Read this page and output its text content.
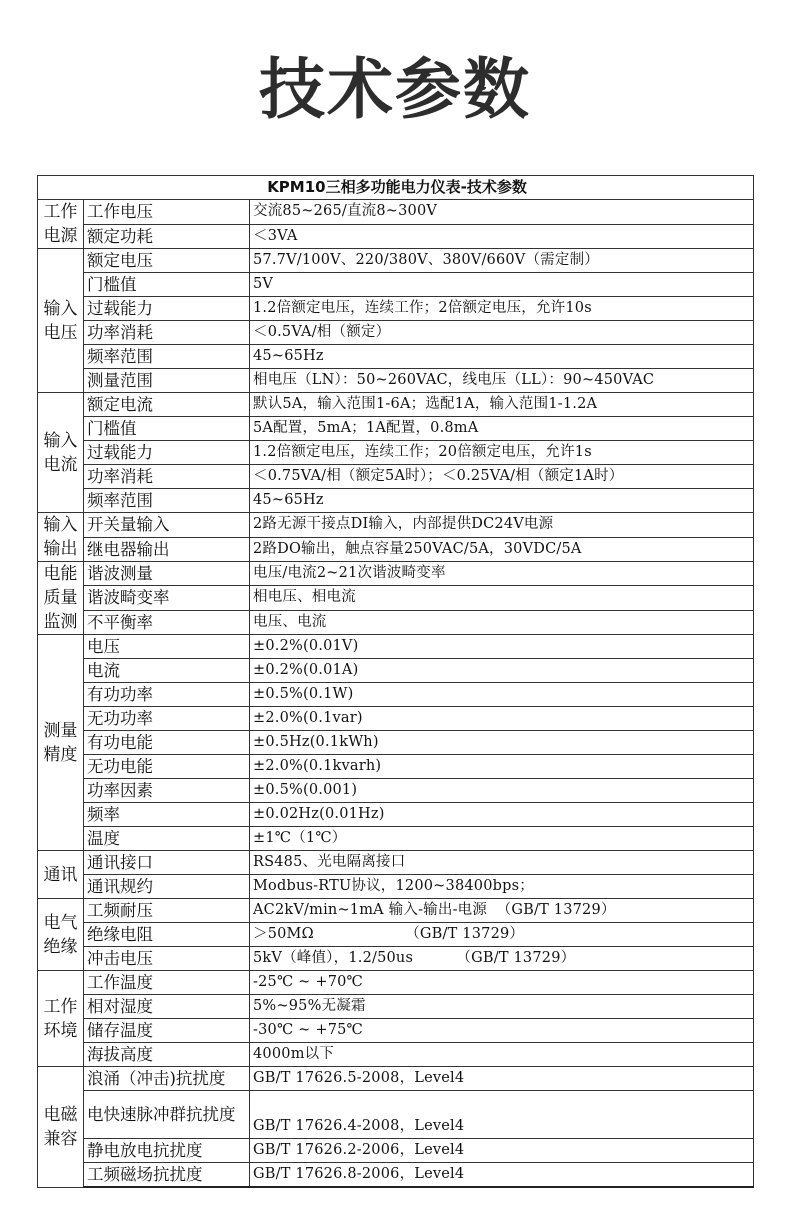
技术参数
KPM10三相多功能电力仪表-技术参数		
工作电源	工作电压	交流85~265/直流8~300V
	额定功耗	＜3VA
输入电压	额定电压	57.7V/100V、220/380V、380V/660V（需定制）
	门槛值	5V
	过载能力	1.2倍额定电压，连续工作；2倍额定电压，允许10s
	功率消耗	＜0.5VA/相（额定）
	频率范围	45~65Hz
	测量范围	相电压（LN）：50~260VAC，线电压（LL）：90~450VAC
输入电流	额定电流	默认5A，输入范围1-6A；选配1A，输入范围1-1.2A
	门槛值	5A配置，5mA；1A配置，0.8mA
	过载能力	1.2倍额定电压，连续工作；20倍额定电压，允许1s
	功率消耗	＜0.75VA/相（额定5A时）；＜0.25VA/相（额定1A时）
	频率范围	45~65Hz
输入输出	开关量输入	2路无源干接点DI输入，内部提供DC24V电源
	继电器输出	2路DO输出，触点容量250VAC/5A，30VDC/5A
电能质量监测	谐波测量	电压/电流2~21次谐波畸变率
	谐波畸变率	相电压、相电流
	不平衡率	电压、电流
测量精度	电压	±0.2%(0.01V)
	电流	±0.2%(0.01A)
	有功功率	±0.5%(0.1W)
	无功功率	±2.0%(0.1var)
	有功电能	±0.5Hz(0.1kWh)
	无功电能	±2.0%(0.1kvarh)
	功率因素	±0.5%(0.001)
	频率	±0.02Hz(0.01Hz)
	温度	±1℃（1℃）
通讯	通讯接口	RS485、光电隔离接口
	通讯规约	Modbus-RTU协议，1200~38400bps；
电气绝缘	工频耐压	AC2kV/min~1mA 输入-输出-电源  （GB/T 13729）
	绝缘电阻	＞50MΩ                   （GB/T 13729）
	冲击电压	5kV（峰值），1.2/50us         （GB/T 13729）
工作环境	工作温度	-25℃ ~ +70℃
	相对湿度	5%~95%无凝霜
	储存温度	-30℃ ~ +75℃
	海拔高度	4000m以下
电磁兼容	浪涌（冲击)抗扰度	GB/T 17626.5-2008，Level4
	电快速脉冲群抗扰度	GB/T 17626.4-2008，Level4
	静电放电抗扰度	GB/T 17626.2-2006，Level4
	工频磁场抗扰度	GB/T 17626.8-2006，Level4
